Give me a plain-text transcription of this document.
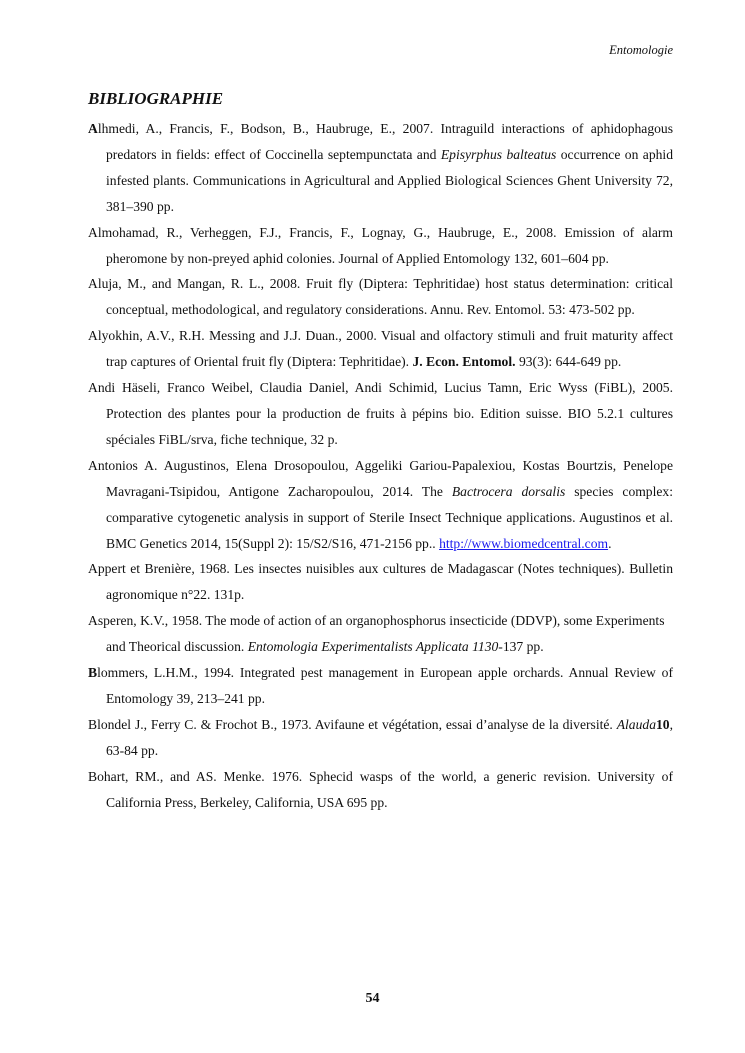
Entomologie
BIBLIOGRAPHIE

Alhmedi, A., Francis, F., Bodson, B., Haubruge, E., 2007. Intraguild interactions of aphidophagous predators in fields: effect of Coccinella septempunctata and Episyrphus balteatus occurrence on aphid infested plants. Communications in Agricultural and Applied Biological Sciences Ghent University 72, 381–390 pp.

Almohamad, R., Verheggen, F.J., Francis, F., Lognay, G., Haubruge, E., 2008. Emission of alarm pheromone by non-preyed aphid colonies. Journal of Applied Entomology 132, 601–604 pp.

Aluja, M., and Mangan, R. L., 2008. Fruit fly (Diptera: Tephritidae) host status determination: critical conceptual, methodological, and regulatory considerations. Annu. Rev. Entomol. 53: 473-502 pp.

Alyokhin, A.V., R.H. Messing and J.J. Duan., 2000. Visual and olfactory stimuli and fruit maturity affect trap captures of Oriental fruit fly (Diptera: Tephritidae). J. Econ. Entomol. 93(3): 644-649 pp.

Andi Häseli, Franco Weibel, Claudia Daniel, Andi Schimid, Lucius Tamn, Eric Wyss (FiBL), 2005. Protection des plantes pour la production de fruits à pépins bio. Edition suisse. BIO 5.2.1 cultures spéciales FiBL/srva, fiche technique, 32 p.

Antonios A. Augustinos, Elena Drosopoulou, Aggeliki Gariou-Papalexiou, Kostas Bourtzis, Penelope Mavragani-Tsipidou, Antigone Zacharopoulou, 2014. The Bactrocera dorsalis species complex: comparative cytogenetic analysis in support of Sterile Insect Technique applications. Augustinos et al. BMC Genetics 2014, 15(Suppl 2): 15/S2/S16, 471-2156 pp.. http://www.biomedcentral.com.

Appert et Brenière, 1968. Les insectes nuisibles aux cultures de Madagascar (Notes techniques). Bulletin agronomique n°22. 131p.

Asperen, K.V., 1958. The mode of action of an organophosphorus insecticide (DDVP), some Experiments and Theorical discussion. Entomologia Experimentalists Applicata 1130-137 pp.

Blommers, L.H.M., 1994. Integrated pest management in European apple orchards. Annual Review of Entomology 39, 213–241 pp.

Blondel J., Ferry C. & Frochot B., 1973. Avifaune et végétation, essai d’analyse de la diversité. Alauda10, 63-84 pp.

Bohart, RM., and AS. Menke. 1976. Sphecid wasps of the world, a generic revision. University of California Press, Berkeley, California, USA 695 pp.

54
